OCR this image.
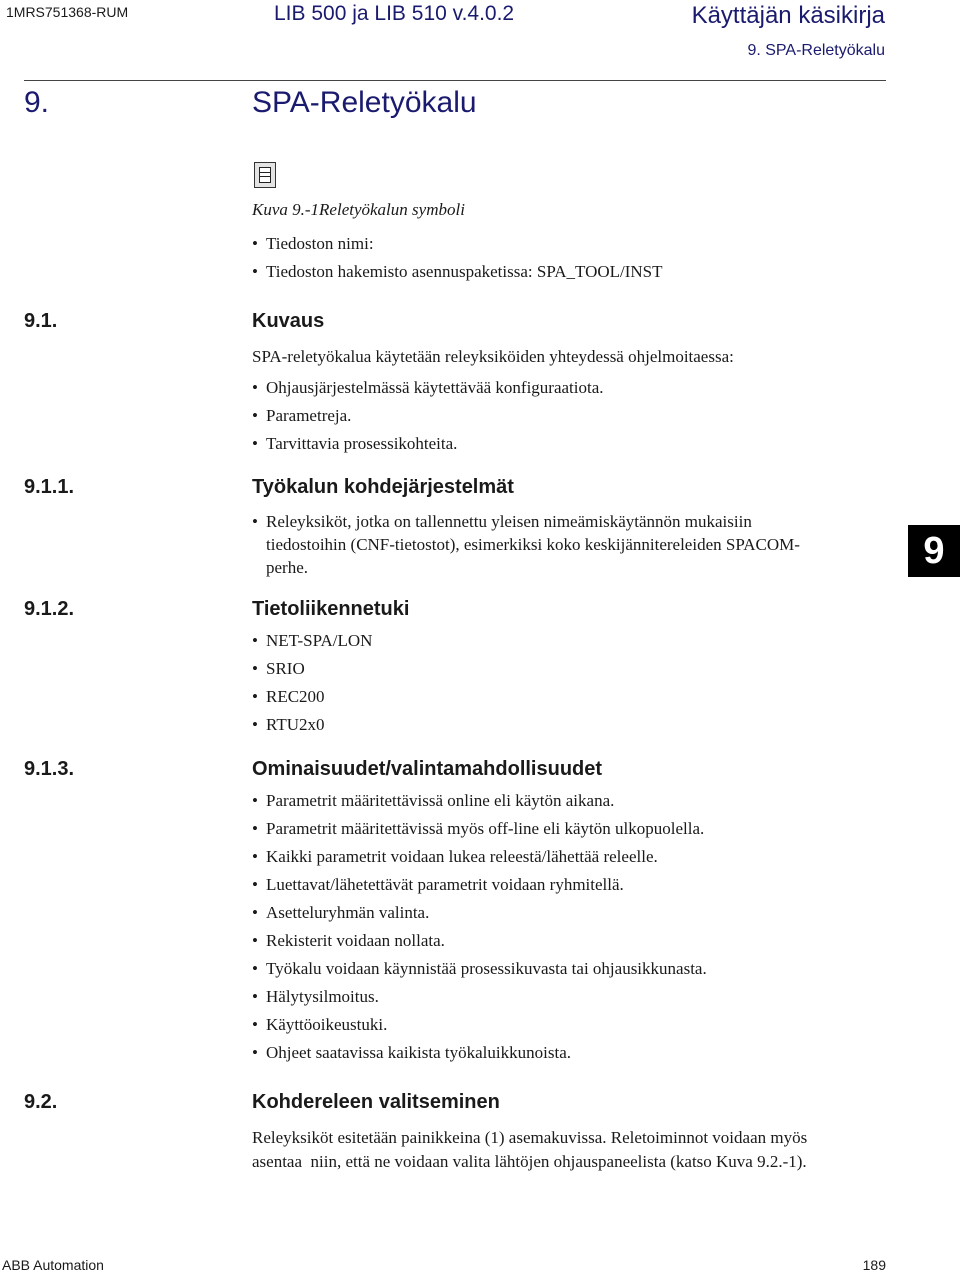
1MRS751368-RUM	LIB 500 ja LIB 510 v.4.0.2	Käyttäjän käsikirja
9. SPA-Reletyökalu
9.	SPA-Reletyökalu
Kuva 9.-1Reletyökalun symboli
• Tiedoston nimi:
• Tiedoston hakemisto asennuspaketissa: SPA_TOOL/INST
9.1.	Kuvaus
SPA-reletyökalua käytetään releyksiköiden yhteydessä ohjelmoitaessa:
• Ohjausjärjestelmässä käytettävää konfiguraatiota.
• Parametreja.
• Tarvittavia prosessikohteita.
9.1.1.	Työkalun kohdejärjestelmät
• Releyksiköt, jotka on tallennettu yleisen nimeämiskäytännön mukaisiin
tiedostoihin (CNF-tietostot), esimerkiksi koko keskijännitereleiden SPACOM-
perhe.	9
9.1.2.	Tietoliikennetuki
• NET-SPA/LON
• SRIO
• REC200
• RTU2x0
9.1.3.	Ominaisuudet/valintamahdollisuudet
• Parametrit määritettävissä online eli käytön aikana.
• Parametrit määritettävissä myös off-line eli käytön ulkopuolella.
• Kaikki parametrit voidaan lukea releestä/lähettää releelle.
• Luettavat/lähetettävät parametrit voidaan ryhmitellä.
• Asetteluryhmän valinta.
• Rekisterit voidaan nollata.
• Työkalu voidaan käynnistää prosessikuvasta tai ohjausikkunasta.
• Hälytysilmoitus.
• Käyttöoikeustuki.
• Ohjeet saatavissa kaikista työkaluikkunoista.
9.2.	Kohdereleen valitseminen
Releyksiköt esitetään painikkeina (1) asemakuvissa. Reletoiminnot voidaan myös
asentaa  niin, että ne voidaan valita lähtöjen ohjauspaneelista (katso Kuva 9.2.-1).
ABB Automation	189
